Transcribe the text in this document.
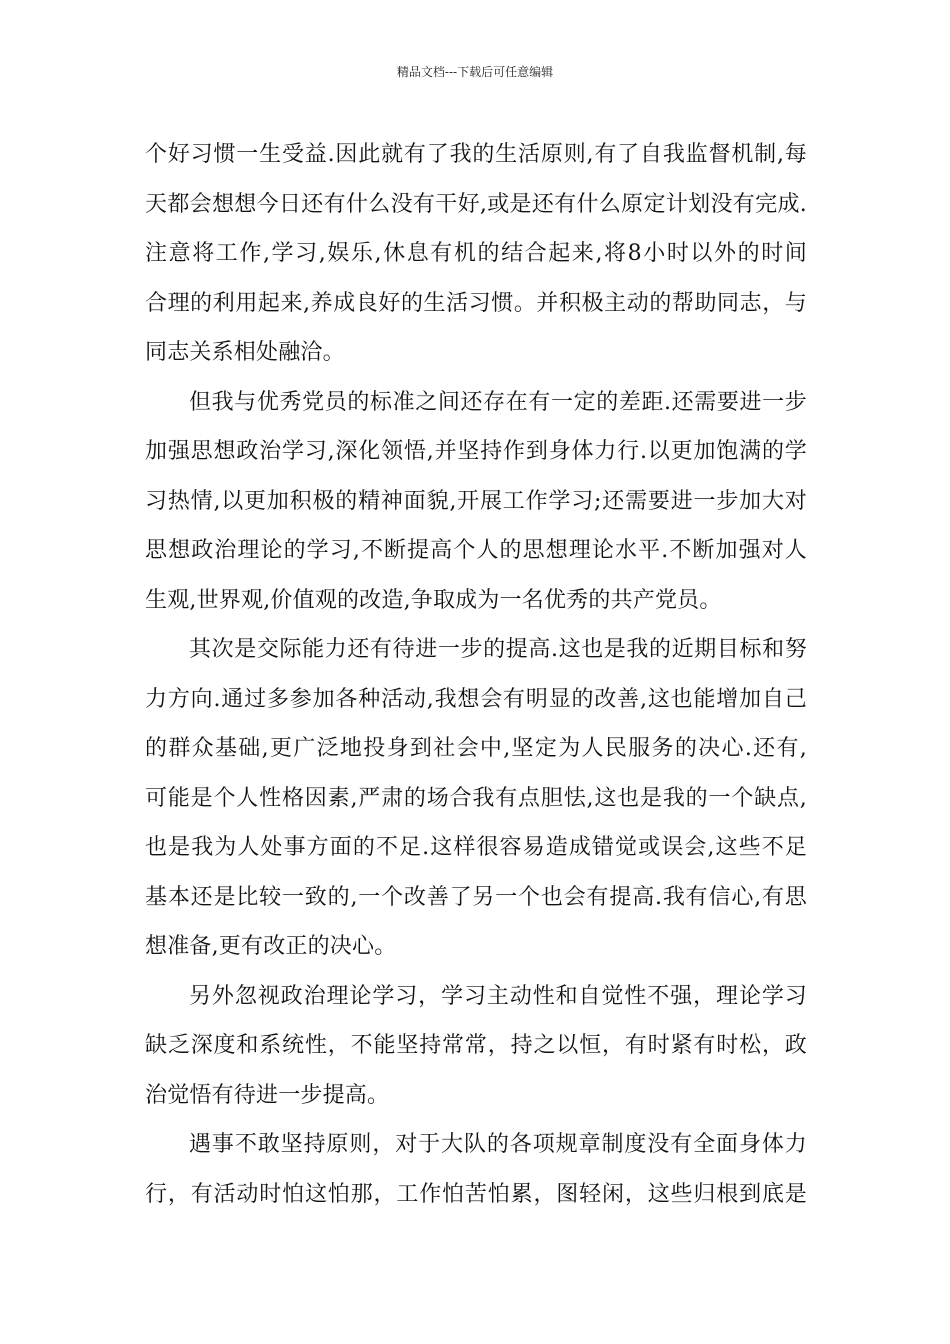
精品文档---下载后可任意编辑
个好习惯一生受益.因此就有了我的生活原则,有了自我监督机制,每
天都会想想今日还有什么没有干好,或是还有什么原定计划没有完成.
注意将工作,学习,娱乐,休息有机的结合起来,将8小时以外的时间
合理的利用起来,养成良好的生活习惯。并积极主动的帮助同志，与
同志关系相处融洽。
但我与优秀党员的标准之间还存在有一定的差距.还需要进一步
加强思想政治学习,深化领悟,并坚持作到身体力行.以更加饱满的学
习热情,以更加积极的精神面貌,开展工作学习;还需要进一步加大对
思想政治理论的学习,不断提高个人的思想理论水平.不断加强对人
生观,世界观,价值观的改造,争取成为一名优秀的共产党员。
其次是交际能力还有待进一步的提高.这也是我的近期目标和努
力方向.通过多参加各种活动,我想会有明显的改善,这也能增加自己
的群众基础,更广泛地投身到社会中,坚定为人民服务的决心.还有,
可能是个人性格因素,严肃的场合我有点胆怯,这也是我的一个缺点,
也是我为人处事方面的不足.这样很容易造成错觉或误会,这些不足
基本还是比较一致的,一个改善了另一个也会有提高.我有信心,有思
想准备,更有改正的决心。
另外忽视政治理论学习，学习主动性和自觉性不强，理论学习
缺乏深度和系统性，不能坚持常常，持之以恒，有时紧有时松，政
治觉悟有待进一步提高。
遇事不敢坚持原则，对于大队的各项规章制度没有全面身体力
行，有活动时怕这怕那，工作怕苦怕累，图轻闲，这些归根到底是
